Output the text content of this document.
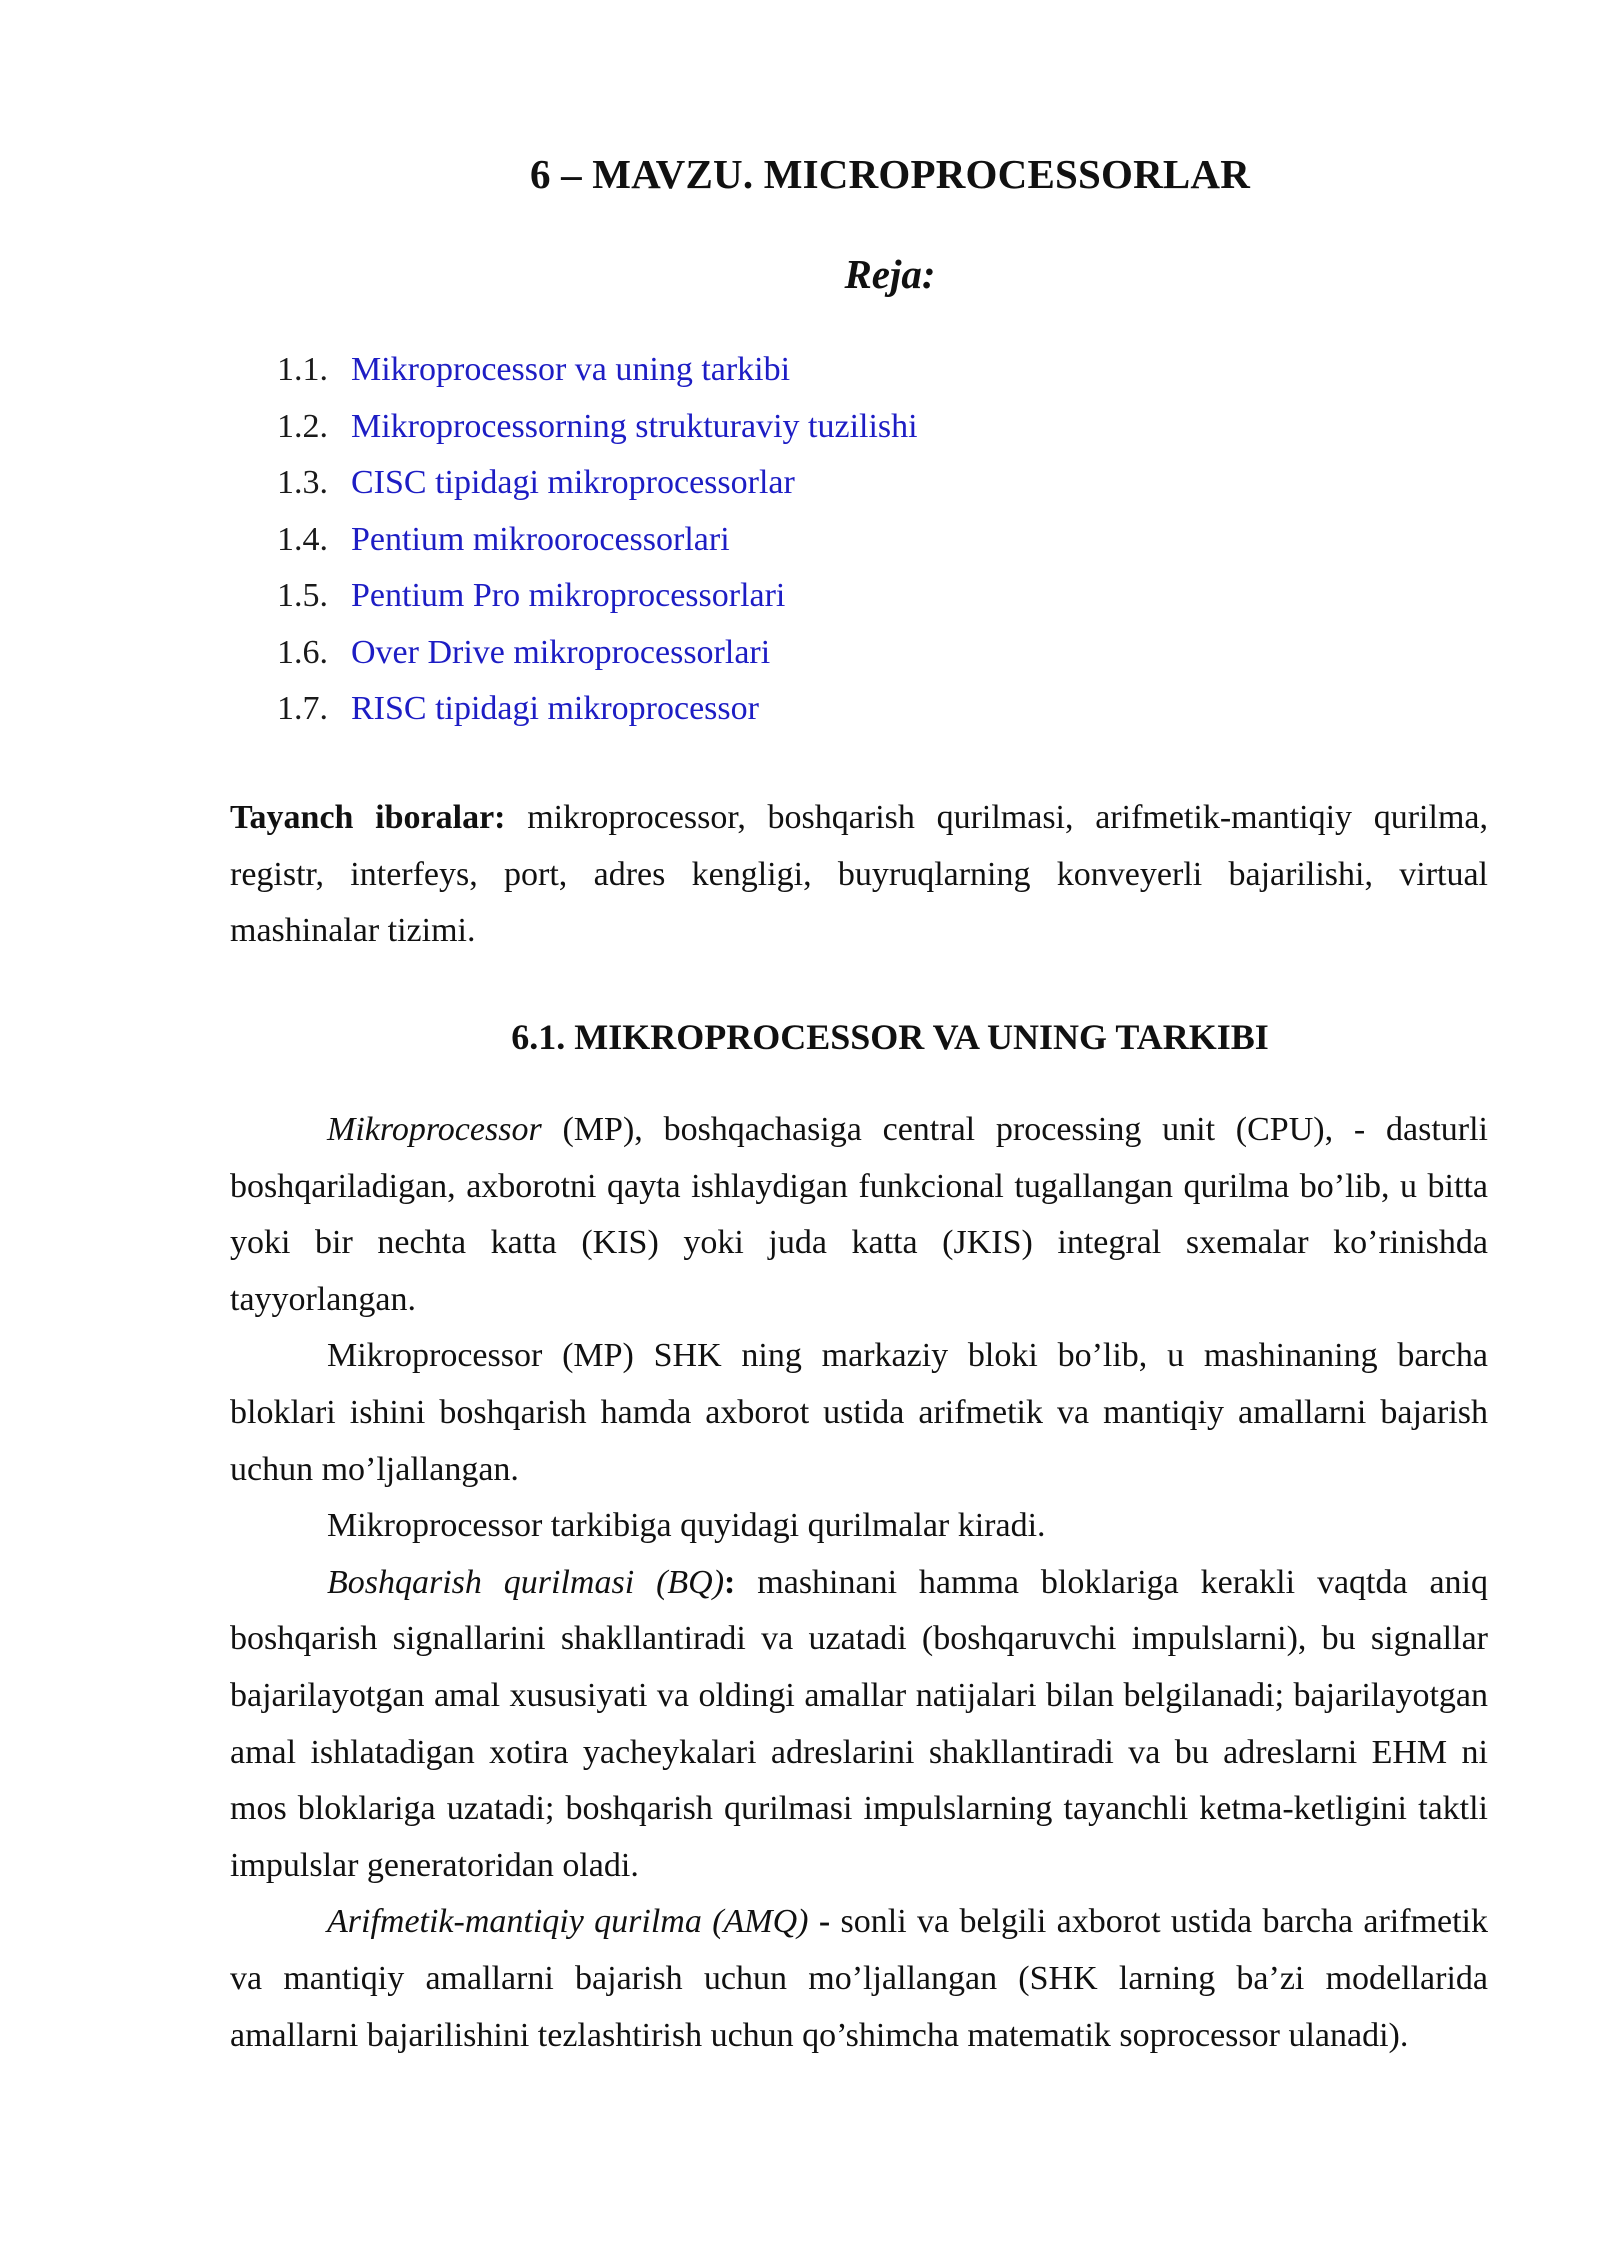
6 – MAVZU. MICROPROCESSORLAR
Reja:
1.1. Mikroprocessor va uning tarkibi
1.2. Mikroprocessorning strukturaviy tuzilishi
1.3. CISC tipidagi mikroprocessorlar
1.4. Pentium mikroorocessorlari
1.5. Pentium Pro mikroprocessorlari
1.6. Over Drive mikroprocessorlari
1.7. RISC tipidagi mikroprocessor

Tayanch iboralar: mikroprocessor, boshqarish qurilmasi, arifmetik-mantiqiy qurilma, registr, interfeys, port, adres kengligi, buyruqlarning konveyerli bajarilishi, virtual mashinalar tizimi.

6.1. MIKROPROCESSOR VA UNING TARKIBI

Mikroprocessor (MP), boshqachasiga central processing unit (CPU), - dasturli boshqariladigan, axborotni qayta ishlaydigan funkcional tugallangan qurilma bo’lib, u bitta yoki bir nechta katta (KIS) yoki juda katta (JKIS) integral sxemalar ko’rinishda tayyorlangan.

Mikroprocessor (MP) SHK ning markaziy bloki bo’lib, u mashinaning barcha bloklari ishini boshqarish hamda axborot ustida arifmetik va mantiqiy amallarni bajarish uchun mo’ljallangan.

Mikroprocessor tarkibiga quyidagi qurilmalar kiradi.

Boshqarish qurilmasi (BQ): mashinani hamma bloklariga kerakli vaqtda aniq boshqarish signallarini shakllantiradi va uzatadi (boshqaruvchi impulslarni), bu signallar bajarilayotgan amal xususiyati va oldingi amallar natijalari bilan belgilanadi; bajarilayotgan amal ishlatadigan xotira yacheykalari adreslarini shakllantiradi va bu adreslarni EHM ni mos bloklariga uzatadi; boshqarish qurilmasi impulslarning tayanchli ketma-ketligini taktli impulslar generatoridan oladi.

Arifmetik-mantiqiy qurilma (AMQ) - sonli va belgili axborot ustida barcha arifmetik va mantiqiy amallarni bajarish uchun mo’ljallangan (SHK larning ba’zi modellarida amallarni bajarilishini tezlashtirish uchun qo’shimcha matematik soprocessor ulanadi).
